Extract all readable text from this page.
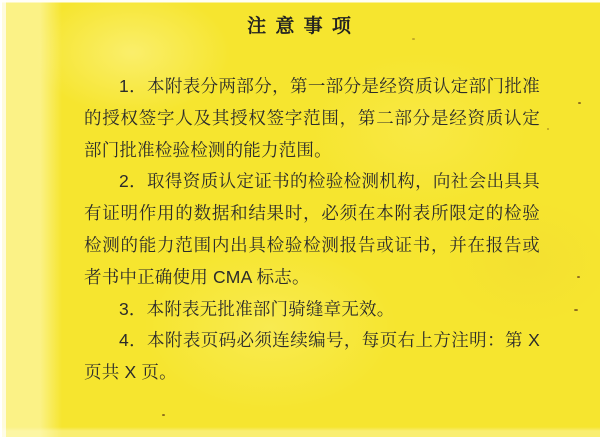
注 意 事 项

1．本附表分两部分，第一部分是经资质认定部门批准的授权签字人及其授权签字范围，第二部分是经资质认定部门批准检验检测的能力范围。

2．取得资质认定证书的检验检测机构，向社会出具具有证明作用的数据和结果时，必须在本附表所限定的检验检测的能力范围内出具检验检测报告或证书，并在报告或者书中正确使用 CMA 标志。

3．本附表无批准部门骑缝章无效。

4．本附表页码必须连续编号，每页右上方注明：第 X 页共 X 页。
